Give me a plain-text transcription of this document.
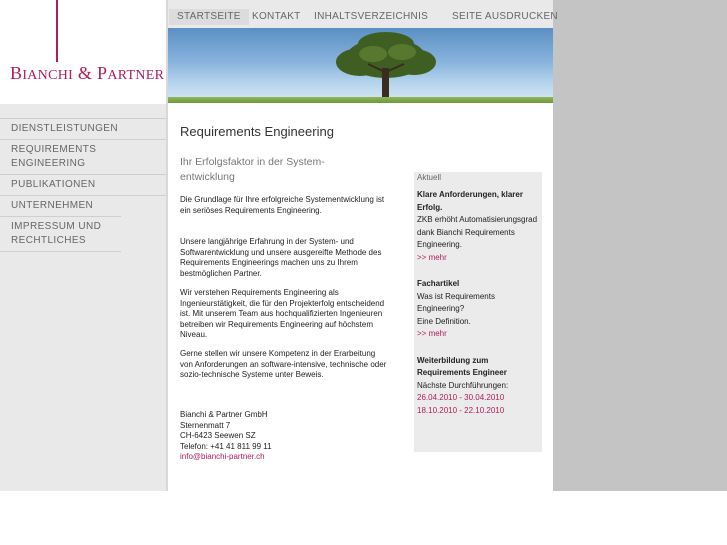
BIANCHI & PARTNER
DIENSTLEISTUNGEN
REQUIREMENTS ENGINEERING
PUBLIKATIONEN
UNTERNEHMEN
IMPRESSUM UND RECHTLICHES
STARTSEITE	KONTAKT INHALTSVERZEICHNIS SEITE AUSDRUCKEN
Requirements Engineering
Ihr Erfolgsfaktor in der System-entwicklung
Die Grundlage für Ihre erfolgreiche Systementwicklung ist ein seriöses Requirements Engineering.
Unsere langjährige Erfahrung in der System- und Softwarentwicklung und unsere ausgereifte Methode des Requirements Engineerings machen uns zu Ihrem bestmöglichen Partner.
Wir verstehen Requirements Engineering als Ingenieurstätigkeit, die für den Projekterfolg entscheidend ist. Mit unserem Team aus hochqualifizierten Ingenieuren betreiben wir Requirements Engineering auf höchstem Niveau.
Gerne stellen wir unsere Kompetenz in der Erarbeitung von Anforderungen an software-intensive, technische oder sozio-technische Systeme unter Beweis.
Bianchi & Partner GmbH
Sternenmatt 7
CH-6423 Seewen SZ
Telefon: +41 41 811 99 11
info@bianchi-partner.ch
Aktuell
Klare Anforderungen, klarer Erfolg.
ZKB erhöht Automatisierungsgrad dank Bianchi Requirements Engineering.
>> mehr
Fachartikel
Was ist Requirements Engineering?
Eine Definition.
>> mehr
Weiterbildung zum Requirements Engineer
Nächste Durchführungen:
26.04.2010 - 30.04.2010
18.10.2010 - 22.10.2010
